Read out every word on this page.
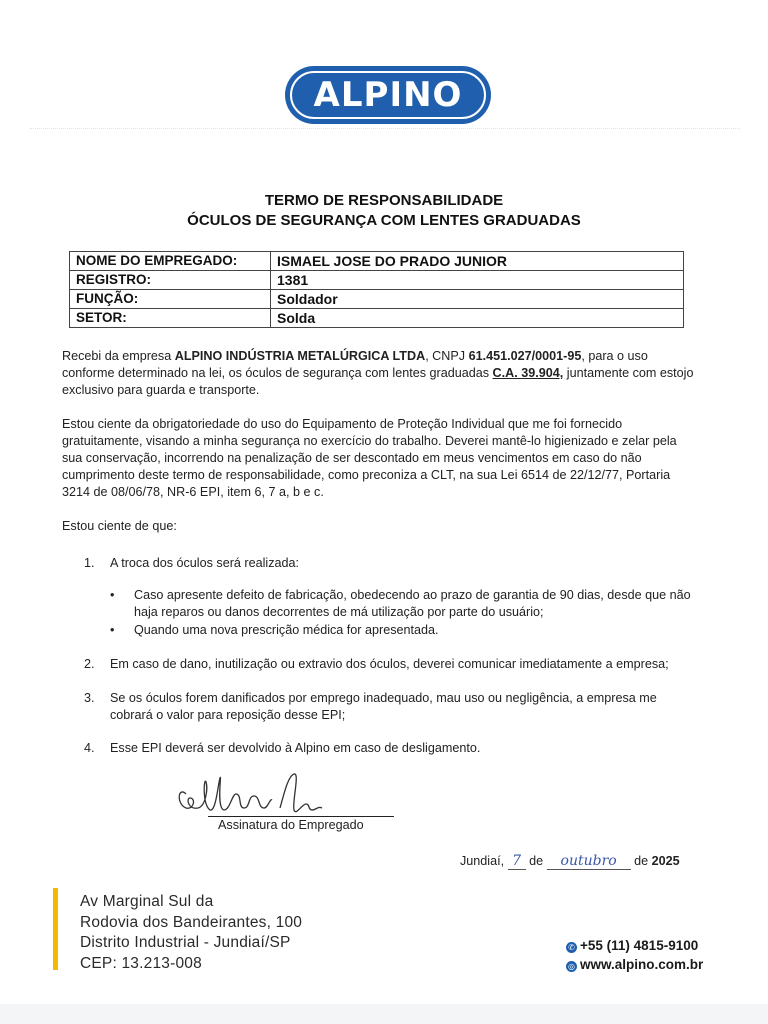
ALPINO
TERMO DE RESPONSABILIDADE
ÓCULOS DE SEGURANÇA COM LENTES GRADUADAS
NOME DO EMPREGADO:	ISMAEL JOSE DO PRADO JUNIOR
REGISTRO:	1381
FUNÇÃO:	Soldador
SETOR:	Solda
Recebi da empresa ALPINO INDÚSTRIA METALÚRGICA LTDA, CNPJ 61.451.027/0001-95, para o uso conforme determinado na lei, os óculos de segurança com lentes graduadas C.A. 39.904, juntamente com estojo exclusivo para guarda e transporte.
Estou ciente da obrigatoriedade do uso do Equipamento de Proteção Individual que me foi fornecido gratuitamente, visando a minha segurança no exercício do trabalho. Deverei mantê-lo higienizado e zelar pela sua conservação, incorrendo na penalização de ser descontado em meus vencimentos em caso do não cumprimento deste termo de responsabilidade, como preconiza a CLT, na sua Lei 6514 de 22/12/77, Portaria 3214 de 08/06/78, NR-6 EPI, item 6, 7 a, b e c.
Estou ciente de que:
1.	A troca dos óculos será realizada:
• Caso apresente defeito de fabricação, obedecendo ao prazo de garantia de 90 dias, desde que não haja reparos ou danos decorrentes de má utilização por parte do usuário;
• Quando uma nova prescrição médica for apresentada.
2.	Em caso de dano, inutilização ou extravio dos óculos, deverei comunicar imediatamente a empresa;
3.	Se os óculos forem danificados por emprego inadequado, mau uso ou negligência, a empresa me cobrará o valor para reposição desse EPI;
4.	Esse EPI deverá ser devolvido à Alpino em caso de desligamento.
Assinatura do Empregado
Jundiaí, 7 de outubro de 2025
Av Marginal Sul da
Rodovia dos Bandeirantes, 100
Distrito Industrial - Jundiaí/SP
CEP: 13.213-008
✆ +55 (11) 4815-9100
◎ www.alpino.com.br
